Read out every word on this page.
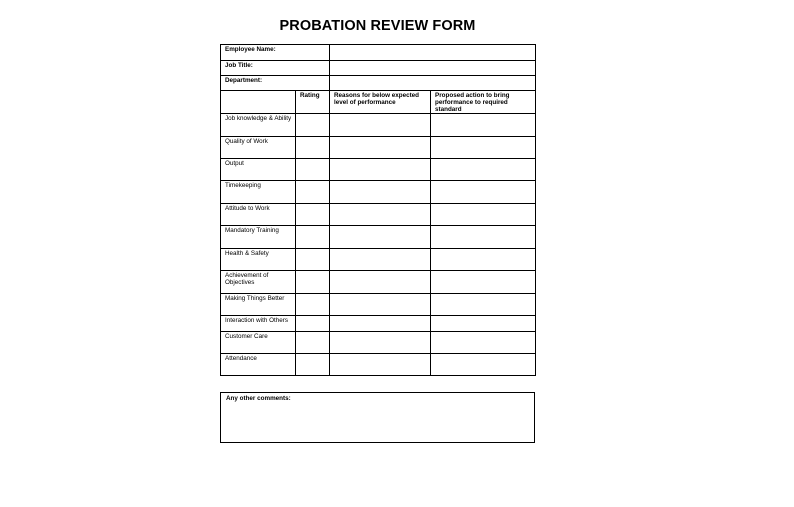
PROBATION REVIEW FORM
Employee Name:			

Job Title:			

Department:			

	Rating	Reasons for below expected level of performance	Proposed action to bring performance to required standard

Job knowledge & Ability			

Quality of Work			

Output			

Timekeeping			

Attitude to Work			

Mandatory Training			

Health & Safety			

Achievement of Objectives			

Making Things Better			

Interaction with Others			

Customer Care			

Attendance			

Any other comments:
